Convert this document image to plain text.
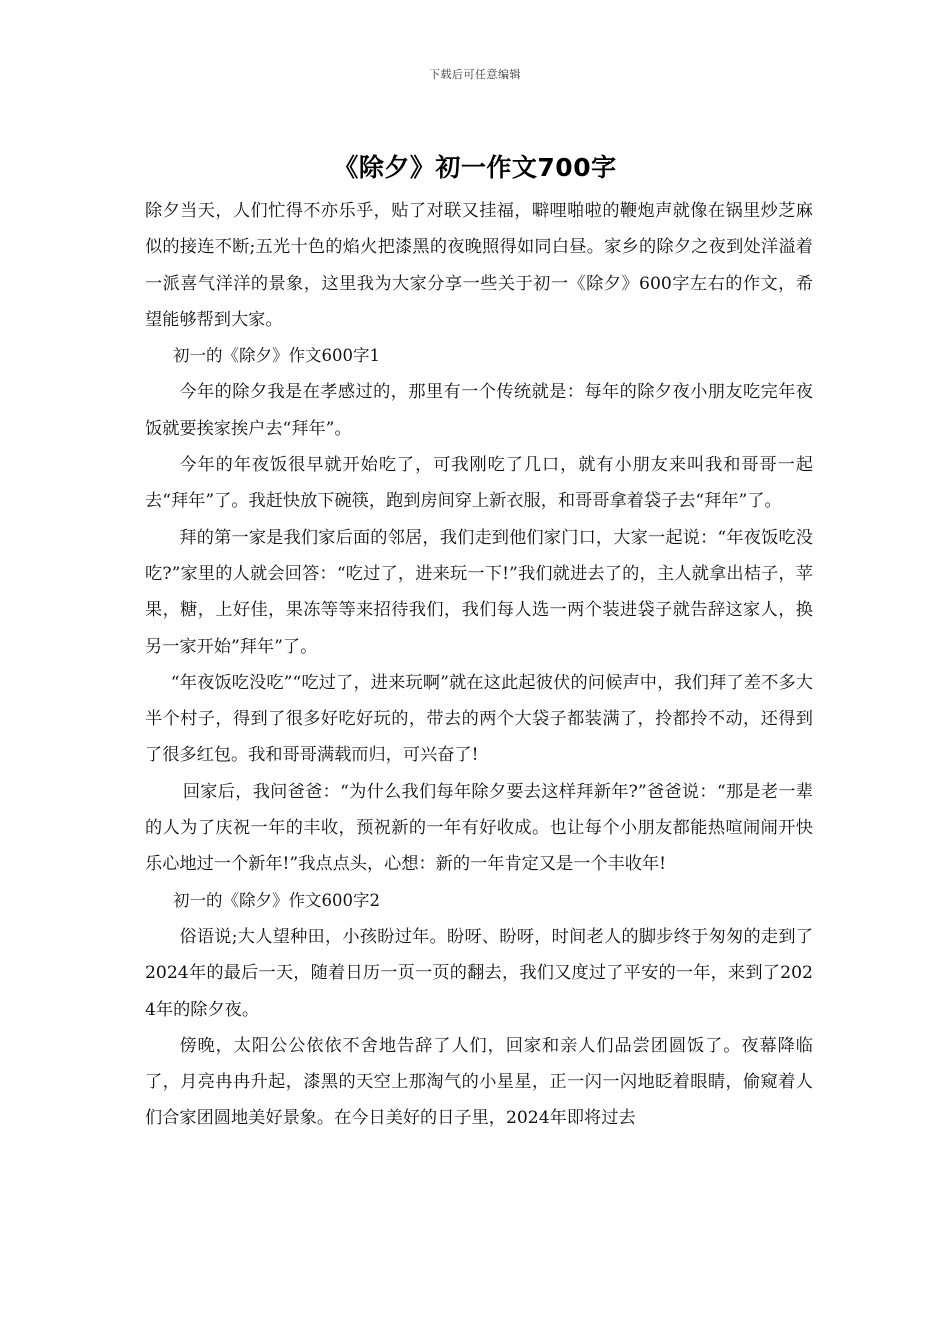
下载后可任意编辑
《除夕》初一作文700字

除夕当天，人们忙得不亦乐乎，贴了对联又挂福，噼哩啪啦的鞭炮声就像在锅里炒芝麻似的接连不断;五光十色的焰火把漆黑的夜晚照得如同白昼。家乡的除夕之夜到处洋溢着一派喜气洋洋的景象，这里我为大家分享一些关于初一《除夕》600字左右的作文，希望能够帮到大家。

初一的《除夕》作文600字1

今年的除夕我是在孝感过的，那里有一个传统就是：每年的除夕夜小朋友吃完年夜饭就要挨家挨户去“拜年”。

今年的年夜饭很早就开始吃了，可我刚吃了几口，就有小朋友来叫我和哥哥一起去“拜年”了。我赶快放下碗筷，跑到房间穿上新衣服，和哥哥拿着袋子去“拜年”了。

拜的第一家是我们家后面的邻居，我们走到他们家门口，大家一起说：“年夜饭吃没吃?”家里的人就会回答：“吃过了，进来玩一下!”我们就进去了的，主人就拿出桔子，苹果，糖，上好佳，果冻等等来招待我们，我们每人选一两个装进袋子就告辞这家人，换另一家开始”拜年”了。

“年夜饭吃没吃”“吃过了，进来玩啊”就在这此起彼伏的问候声中，我们拜了差不多大半个村子，得到了很多好吃好玩的，带去的两个大袋子都装满了，拎都拎不动，还得到了很多红包。我和哥哥满载而归，可兴奋了!

回家后，我问爸爸：“为什么我们每年除夕要去这样拜新年?”爸爸说：“那是老一辈的人为了庆祝一年的丰收，预祝新的一年有好收成。也让每个小朋友都能热喧闹闹开快乐心地过一个新年!”我点点头，心想：新的一年肯定又是一个丰收年!

初一的《除夕》作文600字2

俗语说;大人望种田，小孩盼过年。盼呀、盼呀，时间老人的脚步终于匆匆的走到了2024年的最后一天，随着日历一页一页的翻去，我们又度过了平安的一年，来到了2024年的除夕夜。

傍晚，太阳公公依依不舍地告辞了人们，回家和亲人们品尝团圆饭了。夜幕降临了，月亮冉冉升起，漆黑的天空上那淘气的小星星，正一闪一闪地眨着眼睛，偷窥着人们合家团圆地美好景象。在今日美好的日子里，2024年即将过去
